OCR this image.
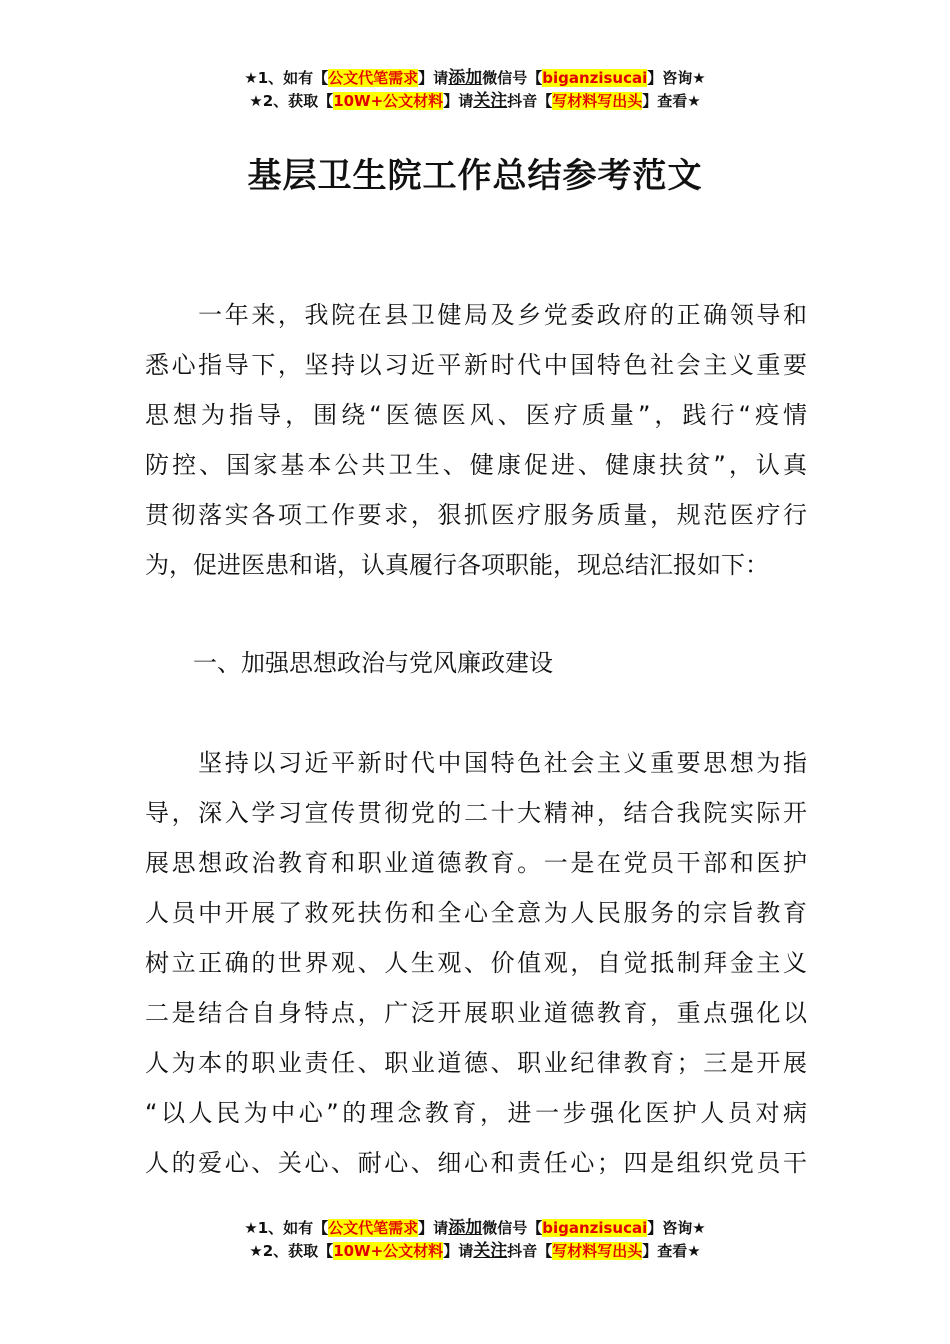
★1、如有【公文代笔需求】请添加微信号【biganzisucai】咨询★
★2、获取【10W+公文材料】请关注抖音【写材料写出头】查看★
基层卫生院工作总结参考范文
　　一年来，我院在县卫健局及乡党委政府的正确领导和
悉心指导下，坚持以习近平新时代中国特色社会主义重要
思想为指导，围绕“医德医风、医疗质量”，践行“疫情
防控、国家基本公共卫生、健康促进、健康扶贫”，认真
贯彻落实各项工作要求，狠抓医疗服务质量，规范医疗行
为，促进医患和谐，认真履行各项职能，现总结汇报如下：
　　一、加强思想政治与党风廉政建设
　　坚持以习近平新时代中国特色社会主义重要思想为指
导，深入学习宣传贯彻党的二十大精神，结合我院实际开
展思想政治教育和职业道德教育。一是在党员干部和医护
人员中开展了救死扶伤和全心全意为人民服务的宗旨教育
树立正确的世界观、人生观、价值观，自觉抵制拜金主义
二是结合自身特点，广泛开展职业道德教育，重点强化以
人为本的职业责任、职业道德、职业纪律教育；三是开展
“以人民为中心”的理念教育，进一步强化医护人员对病
人的爱心、关心、耐心、细心和责任心；四是组织党员干
★1、如有【公文代笔需求】请添加微信号【biganzisucai】咨询★
★2、获取【10W+公文材料】请关注抖音【写材料写出头】查看★
